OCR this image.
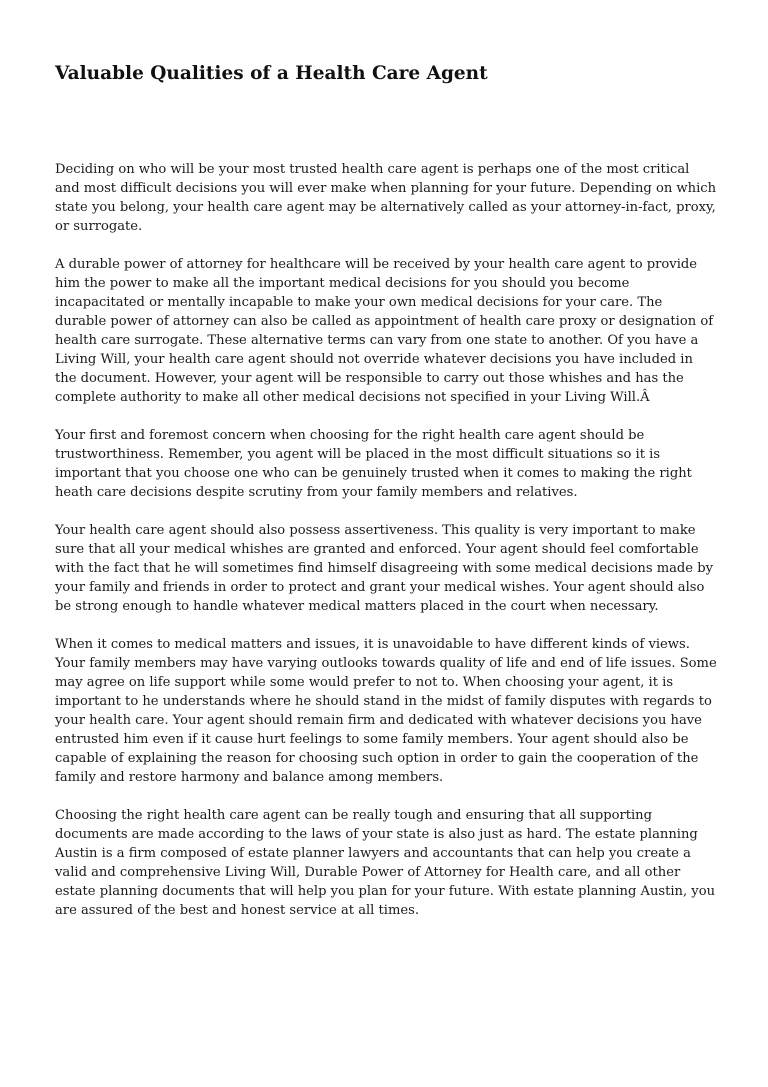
Valuable Qualities of a Health Care Agent

Deciding on who will be your most trusted health care agent is perhaps one of the most critical and most difficult decisions you will ever make when planning for your future. Depending on which state you belong, your health care agent may be alternatively called as your attorney-in-fact, proxy, or surrogate.

A durable power of attorney for healthcare will be received by your health care agent to provide him the power to make all the important medical decisions for you should you become incapacitated or mentally incapable to make your own medical decisions for your care. The durable power of attorney can also be called as appointment of health care proxy or designation of health care surrogate. These alternative terms can vary from one state to another. Of you have a Living Will, your health care agent should not override whatever decisions you have included in the document. However, your agent will be responsible to carry out those whishes and has the complete authority to make all other medical decisions not specified in your Living Will.Â

Your first and foremost concern when choosing for the right health care agent should be trustworthiness. Remember, you agent will be placed in the most difficult situations so it is important that you choose one who can be genuinely trusted when it comes to making the right heath care decisions despite scrutiny from your family members and relatives.

Your health care agent should also possess assertiveness. This quality is very important to make sure that all your medical whishes are granted and enforced. Your agent should feel comfortable with the fact that he will sometimes find himself disagreeing with some medical decisions made by your family and friends in order to protect and grant your medical wishes. Your agent should also be strong enough to handle whatever medical matters placed in the court when necessary.

When it comes to medical matters and issues, it is unavoidable to have different kinds of views. Your family members may have varying outlooks towards quality of life and end of life issues. Some may agree on life support while some would prefer to not to. When choosing your agent, it is important to he understands where he should stand in the midst of family disputes with regards to your health care. Your agent should remain firm and dedicated with whatever decisions you have entrusted him even if it cause hurt feelings to some family members. Your agent should also be capable of explaining the reason for choosing such option in order to gain the cooperation of the family and restore harmony and balance among members.

Choosing the right health care agent can be really tough and ensuring that all supporting documents are made according to the laws of your state is also just as hard. The estate planning Austin is a firm composed of estate planner lawyers and accountants that can help you create a valid and comprehensive Living Will, Durable Power of Attorney for Health care, and all other estate planning documents that will help you plan for your future. With estate planning Austin, you are assured of the best and honest service at all times.
